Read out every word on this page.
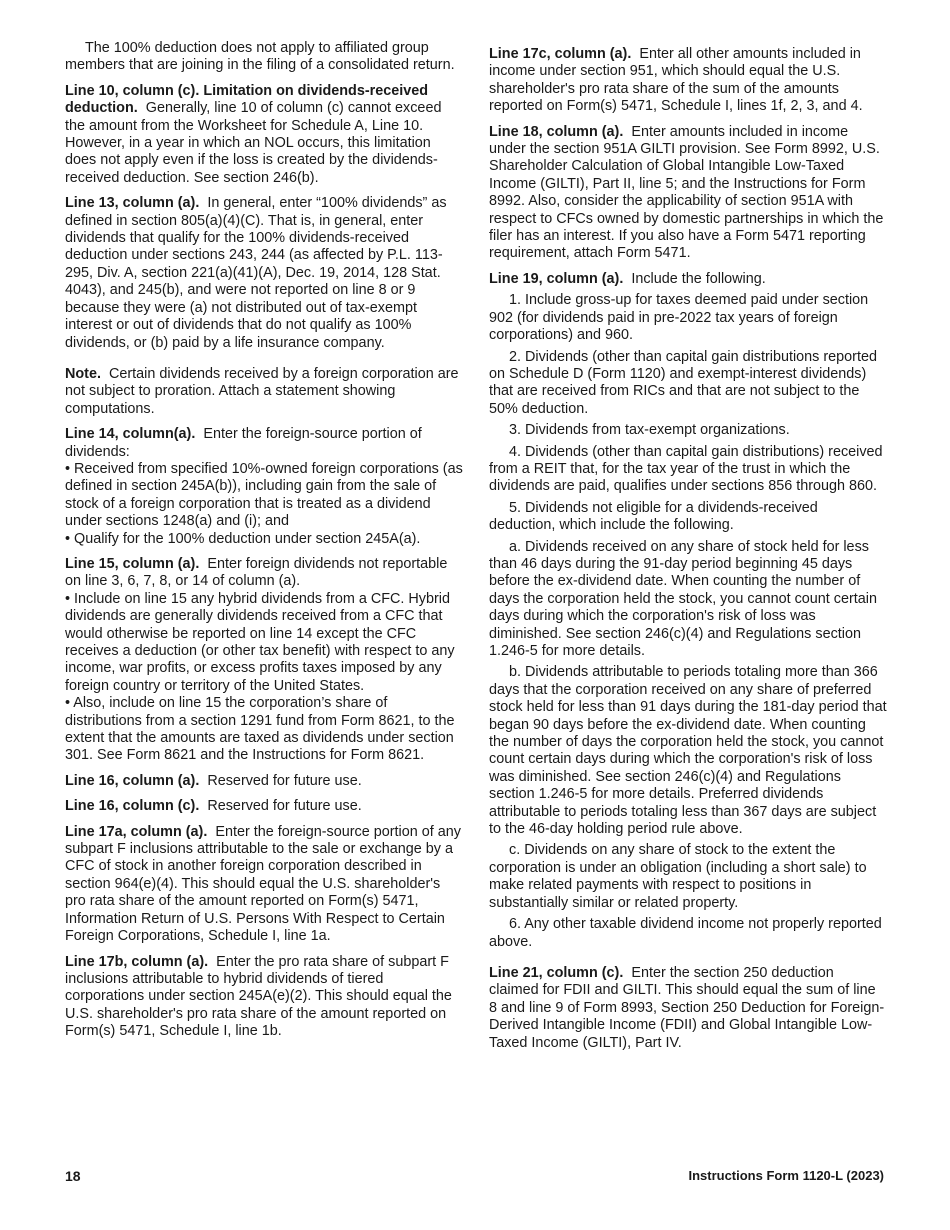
The 100% deduction does not apply to affiliated group members that are joining in the filing of a consolidated return.

Line 10, column (c). Limitation on dividends-received deduction. Generally, line 10 of column (c) cannot exceed the amount from the Worksheet for Schedule A, Line 10. However, in a year in which an NOL occurs, this limitation does not apply even if the loss is created by the dividends-received deduction. See section 246(b).

Line 13, column (a). In general, enter “100% dividends” as defined in section 805(a)(4)(C). That is, in general, enter dividends that qualify for the 100% dividends-received deduction under sections 243, 244 (as affected by P.L. 113-295, Div. A, section 221(a)(41)(A), Dec. 19, 2014, 128 Stat. 4043), and 245(b), and were not reported on line 8 or 9 because they were (a) not distributed out of tax-exempt interest or out of dividends that do not qualify as 100% dividends, or (b) paid by a life insurance company.

Note. Certain dividends received by a foreign corporation are not subject to proration. Attach a statement showing computations.

Line 14, column(a). Enter the foreign-source portion of dividends:

• Received from specified 10%-owned foreign corporations (as defined in section 245A(b)), including gain from the sale of stock of a foreign corporation that is treated as a dividend under sections 1248(a) and (i); and

• Qualify for the 100% deduction under section 245A(a).

Line 15, column (a). Enter foreign dividends not reportable on line 3, 6, 7, 8, or 14 of column (a).

• Include on line 15 any hybrid dividends from a CFC. Hybrid dividends are generally dividends received from a CFC that would otherwise be reported on line 14 except the CFC receives a deduction (or other tax benefit) with respect to any income, war profits, or excess profits taxes imposed by any foreign country or territory of the United States.

• Also, include on line 15 the corporation’s share of distributions from a section 1291 fund from Form 8621, to the extent that the amounts are taxed as dividends under section 301. See Form 8621 and the Instructions for Form 8621.

Line 16, column (a). Reserved for future use.

Line 16, column (c). Reserved for future use.

Line 17a, column (a). Enter the foreign-source portion of any subpart F inclusions attributable to the sale or exchange by a CFC of stock in another foreign corporation described in section 964(e)(4). This should equal the U.S. shareholder's pro rata share of the amount reported on Form(s) 5471, Information Return of U.S. Persons With Respect to Certain Foreign Corporations, Schedule I, line 1a.

Line 17b, column (a). Enter the pro rata share of subpart F inclusions attributable to hybrid dividends of tiered corporations under section 245A(e)(2). This should equal the U.S. shareholder's pro rata share of the amount reported on Form(s) 5471, Schedule I, line 1b.

Line 17c, column (a). Enter all other amounts included in income under section 951, which should equal the U.S. shareholder's pro rata share of the sum of the amounts reported on Form(s) 5471, Schedule I, lines 1f, 2, 3, and 4.

Line 18, column (a). Enter amounts included in income under the section 951A GILTI provision. See Form 8992, U.S. Shareholder Calculation of Global Intangible Low-Taxed Income (GILTI), Part II, line 5; and the Instructions for Form 8992. Also, consider the applicability of section 951A with respect to CFCs owned by domestic partnerships in which the filer has an interest. If you also have a Form 5471 reporting requirement, attach Form 5471.

Line 19, column (a). Include the following.

1. Include gross-up for taxes deemed paid under section 902 (for dividends paid in pre-2022 tax years of foreign corporations) and 960.

2. Dividends (other than capital gain distributions reported on Schedule D (Form 1120) and exempt-interest dividends) that are received from RICs and that are not subject to the 50% deduction.

3. Dividends from tax-exempt organizations.

4. Dividends (other than capital gain distributions) received from a REIT that, for the tax year of the trust in which the dividends are paid, qualifies under sections 856 through 860.

5. Dividends not eligible for a dividends-received deduction, which include the following.

a. Dividends received on any share of stock held for less than 46 days during the 91-day period beginning 45 days before the ex-dividend date. When counting the number of days the corporation held the stock, you cannot count certain days during which the corporation's risk of loss was diminished. See section 246(c)(4) and Regulations section 1.246-5 for more details.

b. Dividends attributable to periods totaling more than 366 days that the corporation received on any share of preferred stock held for less than 91 days during the 181-day period that began 90 days before the ex-dividend date. When counting the number of days the corporation held the stock, you cannot count certain days during which the corporation's risk of loss was diminished. See section 246(c)(4) and Regulations section 1.246-5 for more details. Preferred dividends attributable to periods totaling less than 367 days are subject to the 46-day holding period rule above.

c. Dividends on any share of stock to the extent the corporation is under an obligation (including a short sale) to make related payments with respect to positions in substantially similar or related property.

6. Any other taxable dividend income not properly reported above.

Line 21, column (c). Enter the section 250 deduction claimed for FDII and GILTI. This should equal the sum of line 8 and line 9 of Form 8993, Section 250 Deduction for Foreign-Derived Intangible Income (FDII) and Global Intangible Low-Taxed Income (GILTI), Part IV.

18	Instructions Form 1120-L (2023)
